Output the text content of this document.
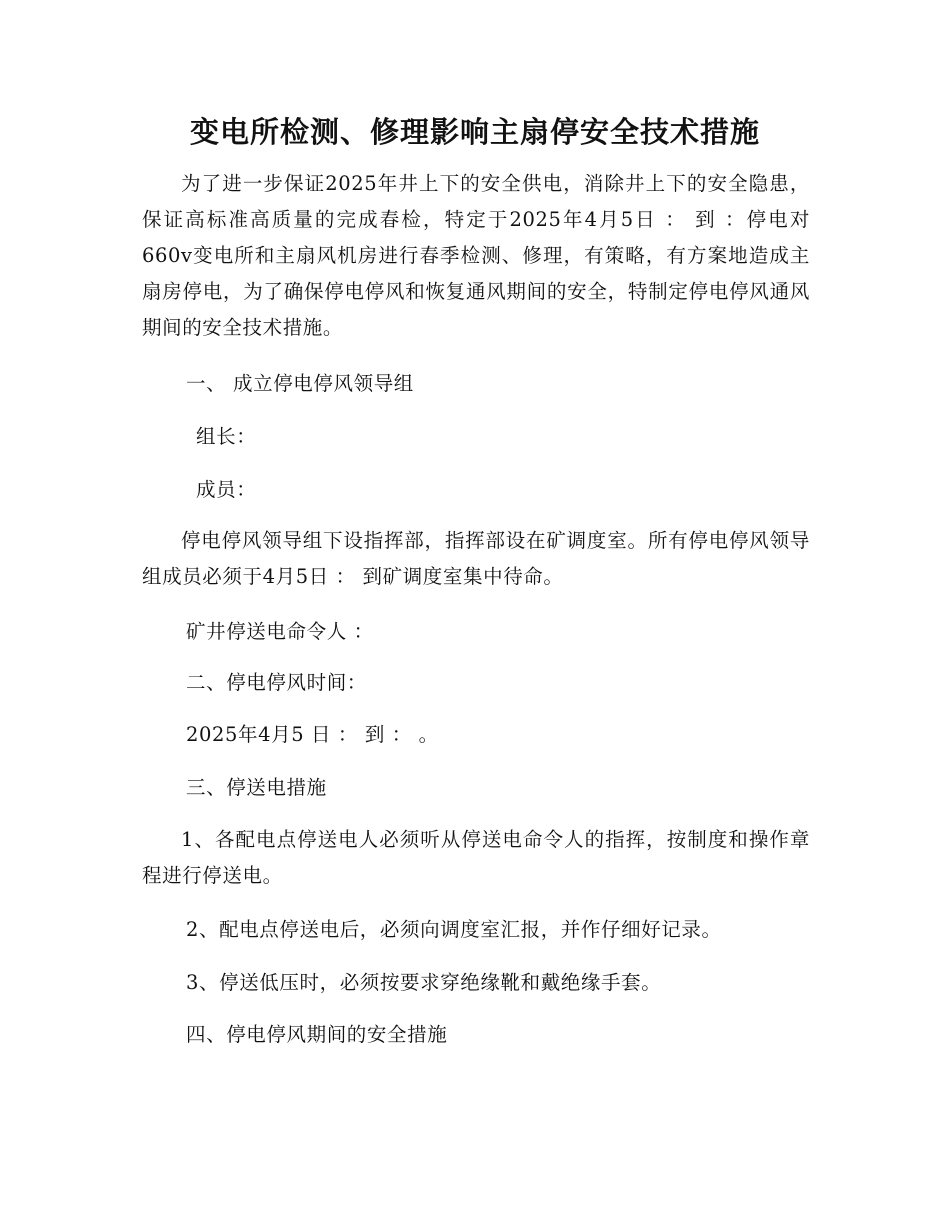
变电所检测、修理影响主扇停安全技术措施

为了进一步保证2025年井上下的安全供电，消除井上下的安全隐患，保证高标准高质量的完成春检，特定于2025年4月5日 ： 到 ：停电对660v变电所和主扇风机房进行春季检测、修理，有策略，有方案地造成主扇房停电，为了确保停电停风和恢复通风期间的安全，特制定停电停风通风期间的安全技术措施。

一、 成立停电停风领导组

组长：

成员：

停电停风领导组下设指挥部，指挥部设在矿调度室。所有停电停风领导组成员必须于4月5日 ： 到矿调度室集中待命。

矿井停送电命令人 ：

二、停电停风时间：

2025年4月5 日 ： 到 ： 。

三、停送电措施

1、各配电点停送电人必须听从停送电命令人的指挥，按制度和操作章程进行停送电。

2、配电点停送电后，必须向调度室汇报，并作仔细好记录。

3、停送低压时，必须按要求穿绝缘靴和戴绝缘手套。

四、停电停风期间的安全措施
